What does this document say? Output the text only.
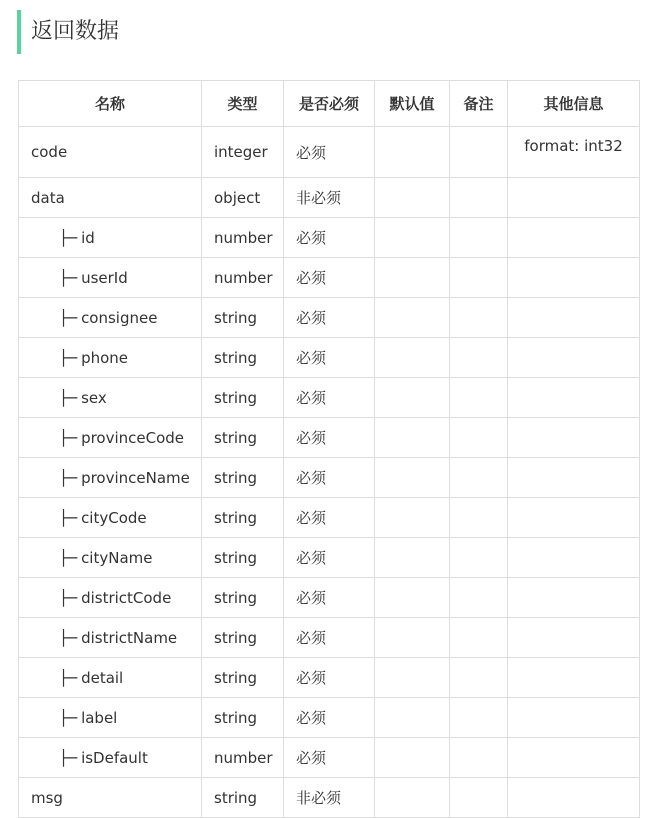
返回数据
名称	类型	是否必须	默认值	备注	其他信息
code	integer	必须			format: int32
data	object	非必须			
├─ id	number	必须			
├─ userId	number	必须			
├─ consignee	string	必须			
├─ phone	string	必须			
├─ sex	string	必须			
├─ provinceCode	string	必须			
├─ provinceName	string	必须			
├─ cityCode	string	必须			
├─ cityName	string	必须			
├─ districtCode	string	必须			
├─ districtName	string	必须			
├─ detail	string	必须			
├─ label	string	必须			
├─ isDefault	number	必须			
msg	string	非必须			
